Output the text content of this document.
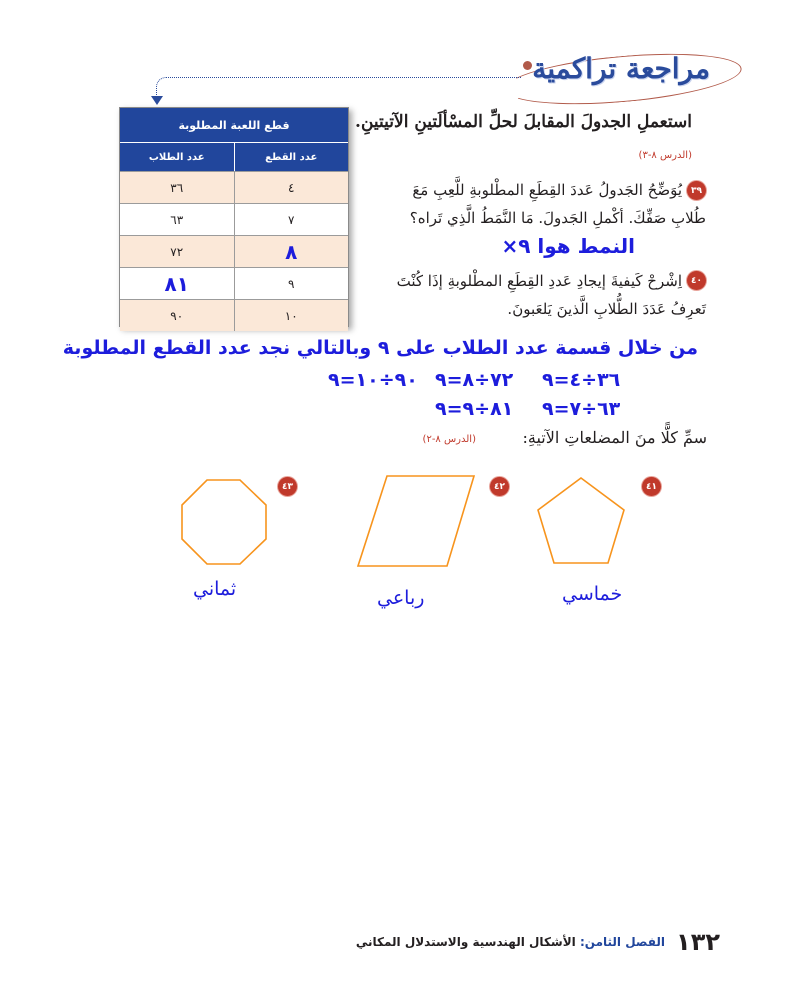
مراجعة تراكمية
قطع اللعبة المطلوبة
عدد الطلاب	عدد القطع
٣٦	٤
٦٣	٧
٧٢	٨
٨١	٩
٩٠	١٠
استعملِ الجدولَ المقابلَ لحلِّ المسْألَتينِ الآتيتينِ.
(الدرس ٨-٣)
٣٩
يُوَضِّحُ الجَدولُ عَددَ القِطَعِ المطْلوبةِ للَّعِبِ مَعَ
طُلابِ صَفِّكَ. أكْملِ الجَدولَ. مَا النَّمَطُ الَّذِي تَراه؟
النمط هوا ٩×
٤٠
اِشْرحْ كَيفيةَ إيجادِ عَددِ القِطَعِ المطْلوبةِ إذَا كُنْتَ
تَعرِفُ عَدَدَ الطُّلابِ الَّذينَ يَلعَبونَ.
من خلال قسمة عدد الطلاب على ٩ وبالتالي نجد عدد القطع المطلوبة
٣٦÷٤=٩
٧٢÷٨=٩
٩٠÷١٠=٩
٦٣÷٧=٩
٨١÷٩=٩
سمِّ كلًّا منَ المضلعاتِ الآتيةِ:
(الدرس ٨-٢)
٤١
٤٢
٤٣
خماسي
رباعي
ثماني
١٣٢
الفصل الثامن: الأشكال الهندسية والاستدلال المكاني
